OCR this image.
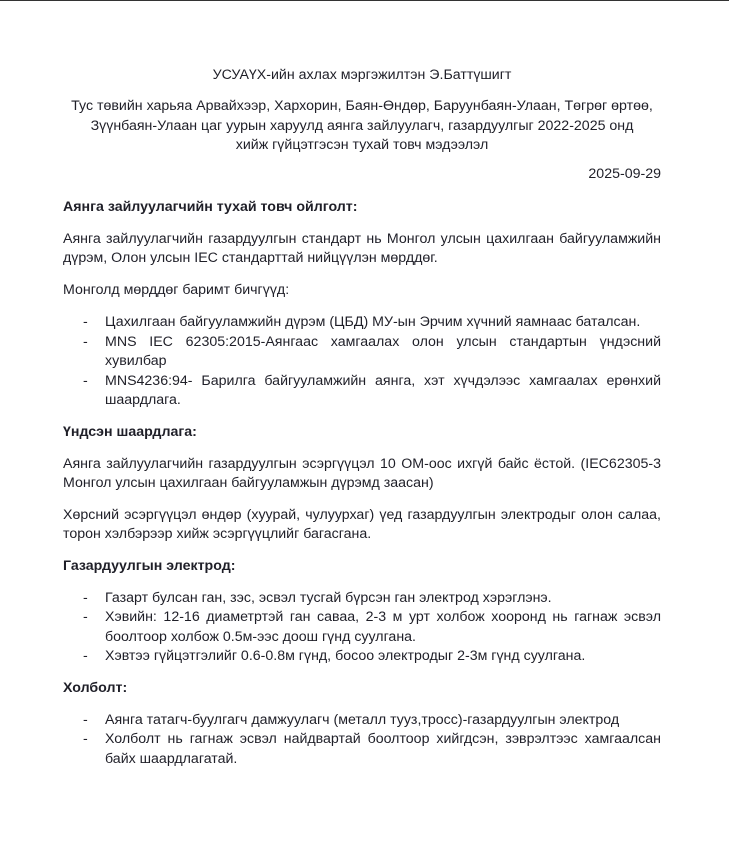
УСУАҮХ-ийн ахлах мэргэжилтэн Э.Баттүшигт
Тус төвийн харьяа Арвайхээр, Хархорин, Баян-Өндөр, Баруунбаян-Улаан, Төгрөг өртөө,
Зүүнбаян-Улаан цаг уурын харуулд аянга зайлуулагч, газардуулгыг 2022-2025 онд
хийж гүйцэтгэсэн тухай товч мэдээлэл
2025-09-29
Аянга зайлуулагчийн тухай товч ойлголт:

Аянга зайлуулагчийн газардуулгын стандарт нь Монгол улсын цахилгаан байгууламжийн дүрэм, Олон улсын IEC стандарттай нийцүүлэн мөрддөг.

Монголд мөрддөг баримт бичгүүд:

- Цахилгаан байгууламжийн дүрэм (ЦБД) МУ-ын Эрчим хүчний яамнаас баталсан.
- MNS IEC 62305:2015-Аянгаас хамгаалах олон улсын стандартын үндэсний хувилбар
- MNS4236:94- Барилга байгууламжийн аянга, хэт хүчдэлээс хамгаалах ерөнхий шаардлага.
Үндсэн шаардлага:

Аянга зайлуулагчийн газардуулгын эсэргүүцэл 10 ОМ-оос ихгүй байс ёстой. (IEC62305-3 Монгол улсын цахилгаан байгууламжын дүрэмд заасан)

Хөрсний эсэргүүцэл өндөр (хуурай, чулуурхаг) үед газардуулгын электродыг олон салаа, торон хэлбэрээр хийж эсэргүүцлийг багасгана.

Газардуулгын электрод:
- Газарт булсан ган, зэс, эсвэл тусгай бүрсэн ган электрод хэрэглэнэ.
- Хэвийн: 12-16 диаметртэй ган саваа, 2-3 м урт холбож хооронд нь гагнаж эсвэл боолтоор холбож 0.5м-ээс доош гүнд суулгана.
- Хэвтээ гүйцэтгэлийг 0.6-0.8м гүнд, босоо электродыг 2-3м гүнд суулгана.
Холболт:
- Аянга татагч-буулгагч дамжуулагч (металл тууз,тросс)-газардуулгын электрод
- Холболт нь гагнаж эсвэл найдвартай боолтоор хийгдсэн, зэврэлтээс хамгаалсан байх шаардлагатай.
